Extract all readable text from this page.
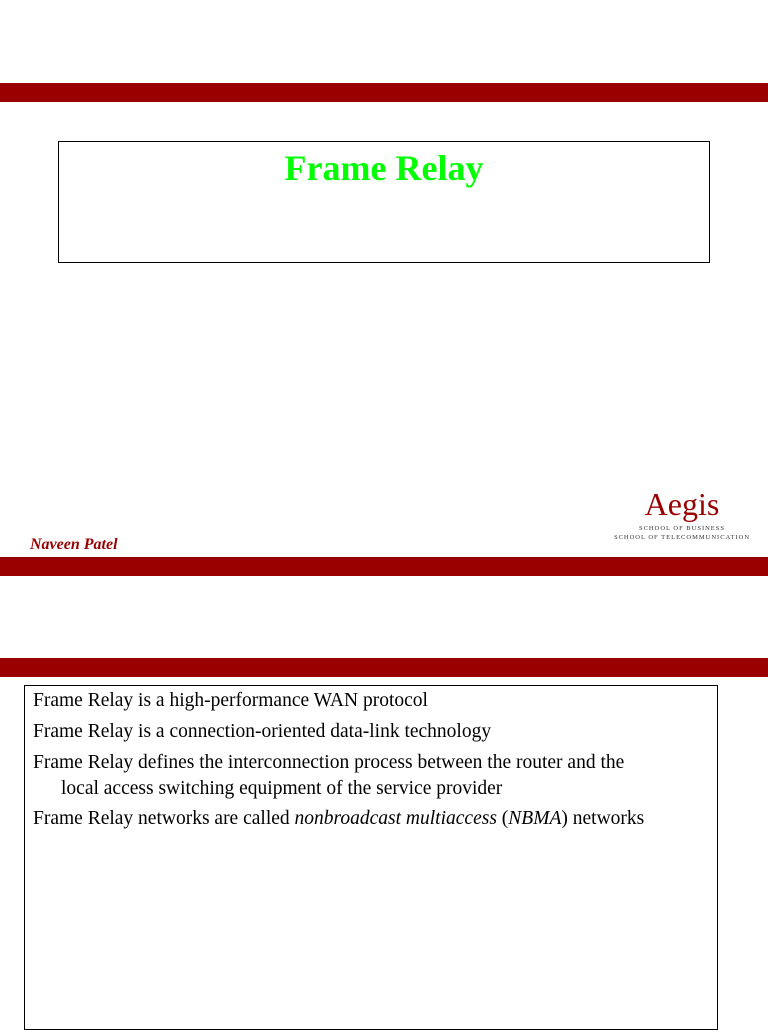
Frame Relay
Naveen Patel
Aegis
SCHOOL OF BUSINESS
SCHOOL OF TELECOMMUNICATION
Frame Relay is a high-performance WAN protocol
Frame Relay is a connection-oriented data-link technology
Frame Relay defines the interconnection process between the router and the
local access switching equipment of the service provider
Frame Relay networks are called nonbroadcast multiaccess (NBMA) networks
